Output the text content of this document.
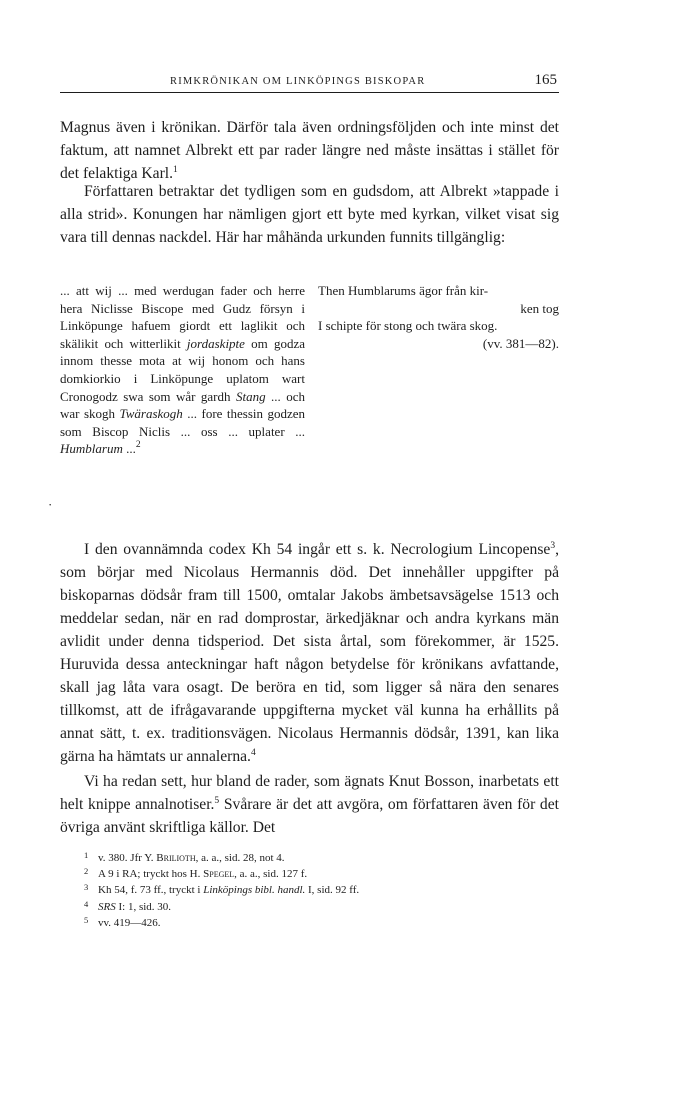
RIMKRÖNIKAN OM LINKÖPINGS BISKOPAR	165

Magnus även i krönikan. Därför tala även ordningsföljden och inte minst det faktum, att namnet Albrekt ett par rader längre ned måste insättas i stället för det felaktiga Karl.$^1$

Författaren betraktar det tydligen som en gudsdom, att Albrekt »tappade i alla strid». Konungen har nämligen gjort ett byte med kyrkan, vilket visat sig vara till dennas nackdel. Här har måhända urkunden funnits tillgänglig:

... att wij ... med werdugan fader och herre hera Niclisse Biscope med Gudz försyn i Linköpunge hafuem giordt ett laglikit och skälikit och witterlikit jordaskipte om godza innom thesse mota at wij honom och hans domkiorkio i Linköpunge uplatom wart Cronogodz swa som wår gardh Stang ... och war skogh Twäraskogh ... fore thessin godzen som Biscop Niclis ... oss ... uplater ... Humblarum ...$^2$

Then Humblarums ägor från kir-
ken tog
I schipte för stong och twära skog.
(vv. 381—82).
·

I den ovannämnda codex Kh 54 ingår ett s. k. Necrologium Lincopense$^3$, som börjar med Nicolaus Hermannis död. Det innehåller uppgifter på biskoparnas dödsår fram till 1500, omtalar Jakobs ämbetsavsägelse 1513 och meddelar sedan, när en rad domprostar, ärkedjäknar och andra kyrkans män avlidit under denna tidsperiod. Det sista årtal, som förekommer, är 1525. Huruvida dessa anteckningar haft någon betydelse för krönikans avfattande, skall jag låta vara osagt. De beröra en tid, som ligger så nära den senares tillkomst, att de ifrågavarande uppgifterna mycket väl kunna ha erhållits på annat sätt, t. ex. traditionsvägen. Nicolaus Hermannis dödsår, 1391, kan lika gärna ha hämtats ur annalerna.$^4$

Vi ha redan sett, hur bland de rader, som ägnats Knut Bosson, inarbetats ett helt knippe annalnotiser.$^5$ Svårare är det att avgöra, om författaren även för det övriga använt skriftliga källor. Det

1 v. 380. Jfr Y. Brilioth, a. a., sid. 28, not 4.
2 A 9 i RA; tryckt hos H. Spegel, a. a., sid. 127 f.
3 Kh 54, f. 73 ff., tryckt i Linköpings bibl. handl. I, sid. 92 ff.
4 SRS I: 1, sid. 30.
5 vv. 419—426.
